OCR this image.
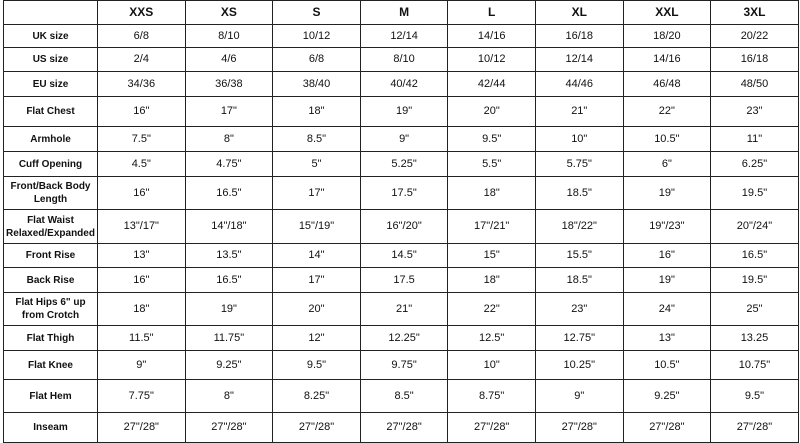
	XXS	XS	S	M	L	XL	XXL	3XL
UK size	6/8	8/10	10/12	12/14	14/16	16/18	18/20	20/22
US size	2/4	4/6	6/8	8/10	10/12	12/14	14/16	16/18
EU size	34/36	36/38	38/40	40/42	42/44	44/46	46/48	48/50
Flat Chest	16"	17"	18"	19"	20"	21"	22"	23"
Armhole	7.5"	8"	8.5"	9"	9.5"	10"	10.5"	11"
Cuff Opening	4.5"	4.75"	5"	5.25"	5.5"	5.75"	6"	6.25"
Front/Back Body Length	16"	16.5"	17"	17.5"	18"	18.5"	19"	19.5"
Flat Waist Relaxed/Expanded	13"/17"	14"/18"	15"/19"	16"/20"	17"/21"	18"/22"	19"/23"	20"/24"
Front Rise	13"	13.5"	14"	14.5"	15"	15.5"	16"	16.5"
Back Rise	16"	16.5"	17"	17.5	18"	18.5"	19"	19.5"
Flat Hips 6" up from Crotch	18"	19"	20"	21"	22"	23"	24"	25"
Flat Thigh	11.5"	11.75"	12"	12.25"	12.5"	12.75"	13"	13.25
Flat Knee	9"	9.25"	9.5"	9.75"	10"	10.25"	10.5"	10.75"
Flat Hem	7.75"	8"	8.25"	8.5"	8.75"	9"	9.25"	9.5"
Inseam	27"/28"	27"/28"	27"/28"	27"/28"	27"/28"	27"/28"	27"/28"	27"/28"
